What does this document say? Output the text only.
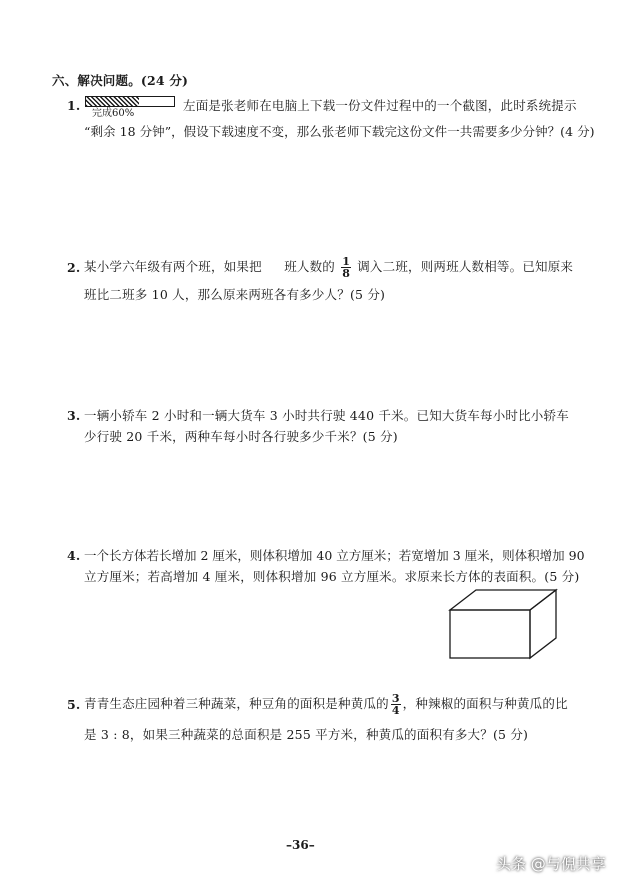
六、解决问题。(24 分)
1.
完成60%
左面是张老师在电脑上下载一份文件过程中的一个截图，此时系统提示
“剩余 18 分钟”，假设下载速度不变，那么张老师下载完这份文件一共需要多少分钟？(4 分)
2. 某小学六年级有两个班，如果把 班人数的 $\frac{1}{8}$ 调入二班，则两班人数相等。已知原来
班比二班多 10 人，那么原来两班各有多少人？(5 分)
3. 一辆小轿车 2 小时和一辆大货车 3 小时共行驶 440 千米。已知大货车每小时比小轿车
少行驶 20 千米，两种车每小时各行驶多少千米？(5 分)
4. 一个长方体若长增加 2 厘米，则体积增加 40 立方厘米；若宽增加 3 厘米，则体积增加 90
立方厘米；若高增加 4 厘米，则体积增加 96 立方厘米。求原来长方体的表面积。(5 分)
5. 青青生态庄园种着三种蔬菜，种豆角的面积是种黄瓜的 $\frac{3}{4}$ ，种辣椒的面积与种黄瓜的比
是 3 : 8，如果三种蔬菜的总面积是 255 平方米，种黄瓜的面积有多大？(5 分)
–36–
头条 @与倪共享
